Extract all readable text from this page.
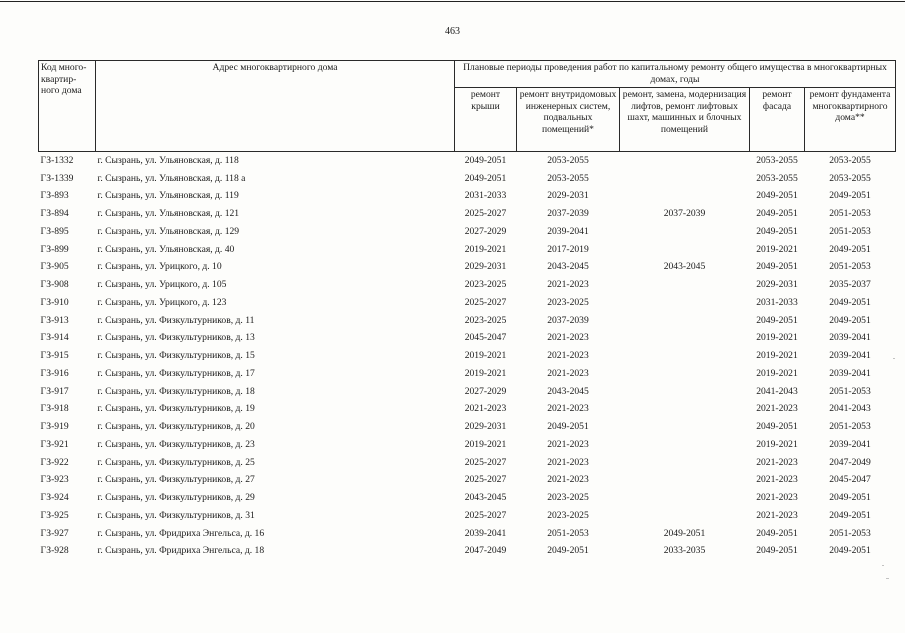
463
Код много-квартир-ного дома	Адрес многоквартирного дома	Плановые периоды проведения работ по капитальному ремонту общего имущества в многоквартирных домах, годы				
		ремонт крыши	ремонт внутридомовых инженерных систем, подвальных помещений*	ремонт, замена, модернизация лифтов, ремонт лифтовых шахт, машинных и блочных помещений	ремонт фасада	ремонт фундамента многоквартирного дома**
ГЗ-1332	г. Сызрань, ул. Ульяновская, д. 118	2049-2051	2053-2055		2053-2055	2053-2055
ГЗ-1339	г. Сызрань, ул. Ульяновская, д. 118 а	2049-2051	2053-2055		2053-2055	2053-2055
ГЗ-893	г. Сызрань, ул. Ульяновская, д. 119	2031-2033	2029-2031		2049-2051	2049-2051
ГЗ-894	г. Сызрань, ул. Ульяновская, д. 121	2025-2027	2037-2039	2037-2039	2049-2051	2051-2053
ГЗ-895	г. Сызрань, ул. Ульяновская, д. 129	2027-2029	2039-2041		2049-2051	2051-2053
ГЗ-899	г. Сызрань, ул. Ульяновская, д. 40	2019-2021	2017-2019		2019-2021	2049-2051
ГЗ-905	г. Сызрань, ул. Урицкого, д. 10	2029-2031	2043-2045	2043-2045	2049-2051	2051-2053
ГЗ-908	г. Сызрань, ул. Урицкого, д. 105	2023-2025	2021-2023		2029-2031	2035-2037
ГЗ-910	г. Сызрань, ул. Урицкого, д. 123	2025-2027	2023-2025		2031-2033	2049-2051
ГЗ-913	г. Сызрань, ул. Физкультурников, д. 11	2023-2025	2037-2039		2049-2051	2049-2051
ГЗ-914	г. Сызрань, ул. Физкультурников, д. 13	2045-2047	2021-2023		2019-2021	2039-2041
ГЗ-915	г. Сызрань, ул. Физкультурников, д. 15	2019-2021	2021-2023		2019-2021	2039-2041
ГЗ-916	г. Сызрань, ул. Физкультурников, д. 17	2019-2021	2021-2023		2019-2021	2039-2041
ГЗ-917	г. Сызрань, ул. Физкультурников, д. 18	2027-2029	2043-2045		2041-2043	2051-2053
ГЗ-918	г. Сызрань, ул. Физкультурников, д. 19	2021-2023	2021-2023		2021-2023	2041-2043
ГЗ-919	г. Сызрань, ул. Физкультурников, д. 20	2029-2031	2049-2051		2049-2051	2051-2053
ГЗ-921	г. Сызрань, ул. Физкультурников, д. 23	2019-2021	2021-2023		2019-2021	2039-2041
ГЗ-922	г. Сызрань, ул. Физкультурников, д. 25	2025-2027	2021-2023		2021-2023	2047-2049
ГЗ-923	г. Сызрань, ул. Физкультурников, д. 27	2025-2027	2021-2023		2021-2023	2045-2047
ГЗ-924	г. Сызрань, ул. Физкультурников, д. 29	2043-2045	2023-2025		2021-2023	2049-2051
ГЗ-925	г. Сызрань, ул. Физкультурников, д. 31	2025-2027	2023-2025		2021-2023	2049-2051
ГЗ-927	г. Сызрань, ул. Фридриха Энгельса, д. 16	2039-2041	2051-2053	2049-2051	2049-2051	2051-2053
ГЗ-928	г. Сызрань, ул. Фридриха Энгельса, д. 18	2047-2049	2049-2051	2033-2035	2049-2051	2049-2051
